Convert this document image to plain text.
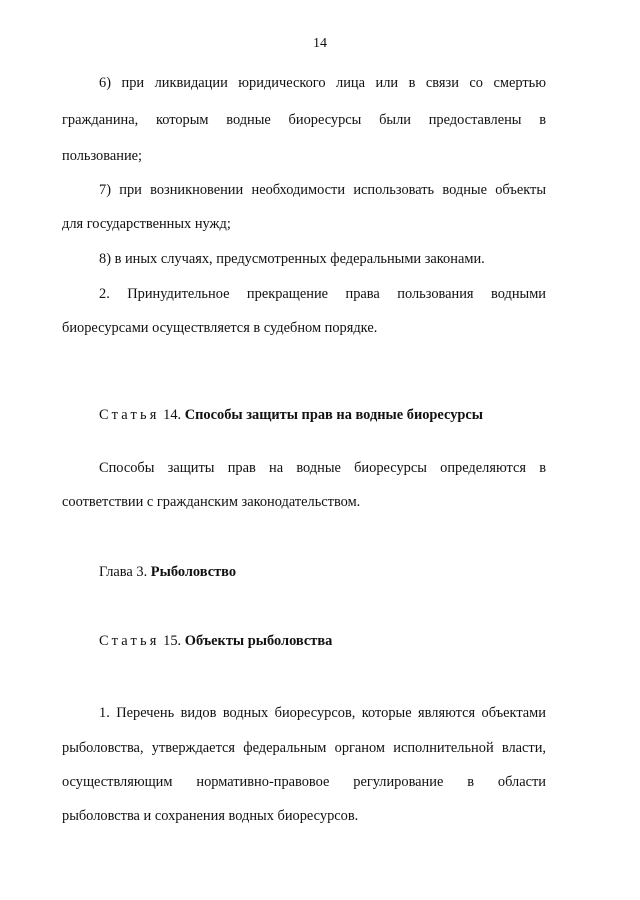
14
6) при ликвидации юридического лица или в связи со смертью
гражданина, которым водные биоресурсы были предоставлены в
пользование;
7) при возникновении необходимости использовать водные объекты
для государственных нужд;
8) в иных случаях, предусмотренных федеральными законами.
2. Принудительное прекращение права пользования водными
биоресурсами осуществляется в судебном порядке.
Статья 14. Способы защиты прав на водные биоресурсы
Способы защиты прав на водные биоресурсы определяются в
соответствии с гражданским законодательством.
Глава 3. Рыболовство
Статья 15. Объекты рыболовства
1. Перечень видов водных биоресурсов, которые являются объектами
рыболовства, утверждается федеральным органом исполнительной власти,
осуществляющим нормативно-правовое регулирование в области
рыболовства и сохранения водных биоресурсов.
